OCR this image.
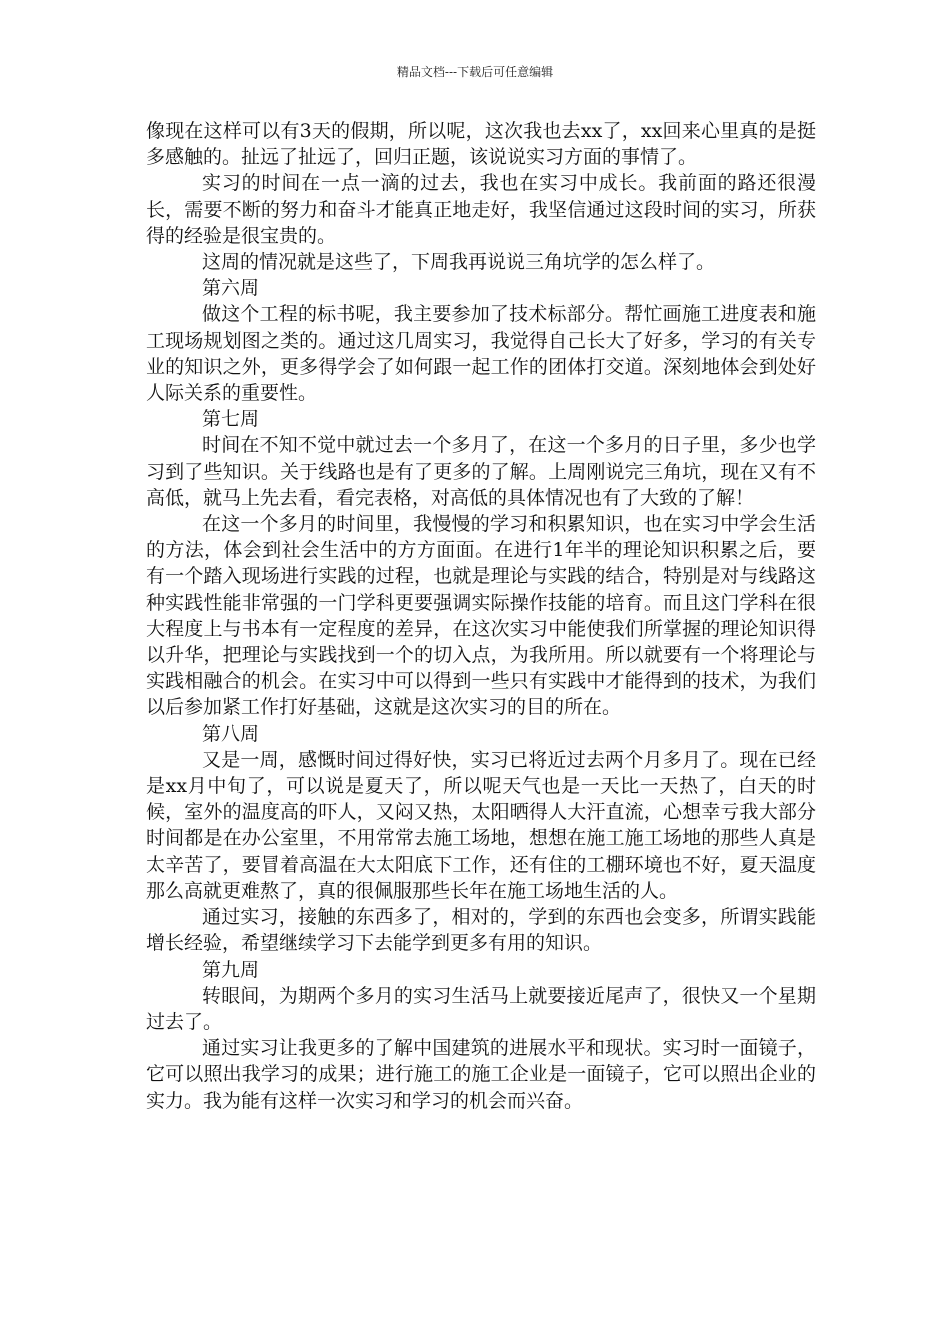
精品文档---下载后可任意编辑

像现在这样可以有3天的假期，所以呢，这次我也去xx了，xx回来心里真的是挺多感触的。扯远了扯远了，回归正题，该说说实习方面的事情了。

实习的时间在一点一滴的过去，我也在实习中成长。我前面的路还很漫长，需要不断的努力和奋斗才能真正地走好，我坚信通过这段时间的实习，所获得的经验是很宝贵的。

这周的情况就是这些了，下周我再说说三角坑学的怎么样了。

第六周

做这个工程的标书呢，我主要参加了技术标部分。帮忙画施工进度表和施工现场规划图之类的。通过这几周实习，我觉得自己长大了好多，学习的有关专业的知识之外，更多得学会了如何跟一起工作的团体打交道。深刻地体会到处好人际关系的重要性。

第七周

时间在不知不觉中就过去一个多月了，在这一个多月的日子里，多少也学习到了些知识。关于线路也是有了更多的了解。上周刚说完三角坑，现在又有不高低，就马上先去看，看完表格，对高低的具体情况也有了大致的了解！

在这一个多月的时间里，我慢慢的学习和积累知识，也在实习中学会生活的方法，体会到社会生活中的方方面面。在进行1年半的理论知识积累之后，要有一个踏入现场进行实践的过程，也就是理论与实践的结合，特别是对与线路这种实践性能非常强的一门学科更要强调实际操作技能的培育。而且这门学科在很大程度上与书本有一定程度的差异，在这次实习中能使我们所掌握的理论知识得以升华，把理论与实践找到一个的切入点，为我所用。所以就要有一个将理论与实践相融合的机会。在实习中可以得到一些只有实践中才能得到的技术，为我们以后参加紧工作打好基础，这就是这次实习的目的所在。

第八周

又是一周，感慨时间过得好快，实习已将近过去两个月多月了。现在已经是xx月中旬了，可以说是夏天了，所以呢天气也是一天比一天热了，白天的时候，室外的温度高的吓人，又闷又热，太阳晒得人大汗直流，心想幸亏我大部分时间都是在办公室里，不用常常去施工场地，想想在施工施工场地的那些人真是太辛苦了，要冒着高温在大太阳底下工作，还有住的工棚环境也不好，夏天温度那么高就更难熬了，真的很佩服那些长年在施工场地生活的人。

通过实习，接触的东西多了，相对的，学到的东西也会变多，所谓实践能增长经验，希望继续学习下去能学到更多有用的知识。

第九周

转眼间，为期两个多月的实习生活马上就要接近尾声了，很快又一个星期过去了。

通过实习让我更多的了解中国建筑的进展水平和现状。实习时一面镜子，它可以照出我学习的成果；进行施工的施工企业是一面镜子，它可以照出企业的实力。我为能有这样一次实习和学习的机会而兴奋。
